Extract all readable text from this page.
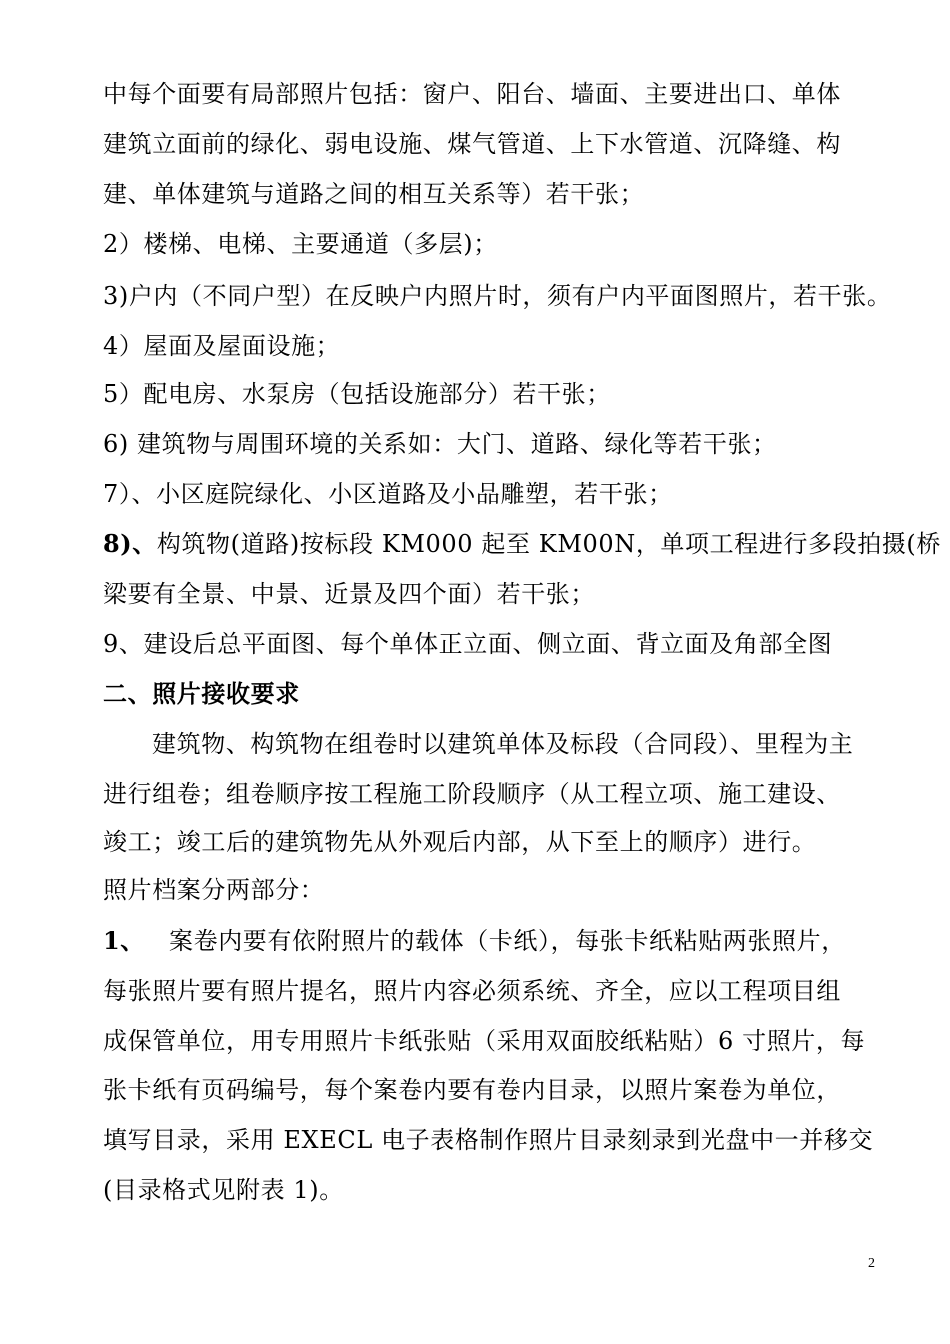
中每个面要有局部照片包括：窗户、阳台、墙面、主要进出口、单体
建筑立面前的绿化、弱电设施、煤气管道、上下水管道、沉降缝、构
建、单体建筑与道路之间的相互关系等）若干张；
2）楼梯、电梯、主要通道（多层)；
3)户内（不同户型）在反映户内照片时，须有户内平面图照片，若干张。
4）屋面及屋面设施；
5）配电房、水泵房（包括设施部分）若干张；
6) 建筑物与周围环境的关系如：大门、道路、绿化等若干张；
7）、小区庭院绿化、小区道路及小品雕塑，若干张；
8)、构筑物(道路)按标段 KM000 起至 KM00N，单项工程进行多段拍摄(桥
梁要有全景、中景、近景及四个面）若干张；
9、建设后总平面图、每个单体正立面、侧立面、背立面及角部全图
二、照片接收要求
建筑物、构筑物在组卷时以建筑单体及标段（合同段）、里程为主
进行组卷；组卷顺序按工程施工阶段顺序（从工程立项、施工建设、
竣工；竣工后的建筑物先从外观后内部，从下至上的顺序）进行。
照片档案分两部分：
1、 案卷内要有依附照片的载体（卡纸），每张卡纸粘贴两张照片，
每张照片要有照片提名，照片内容必须系统、齐全，应以工程项目组
成保管单位，用专用照片卡纸张贴（采用双面胶纸粘贴）6 寸照片，每
张卡纸有页码编号，每个案卷内要有卷内目录，以照片案卷为单位，
填写目录，采用 EXECL 电子表格制作照片目录刻录到光盘中一并移交
(目录格式见附表 1)。
2
